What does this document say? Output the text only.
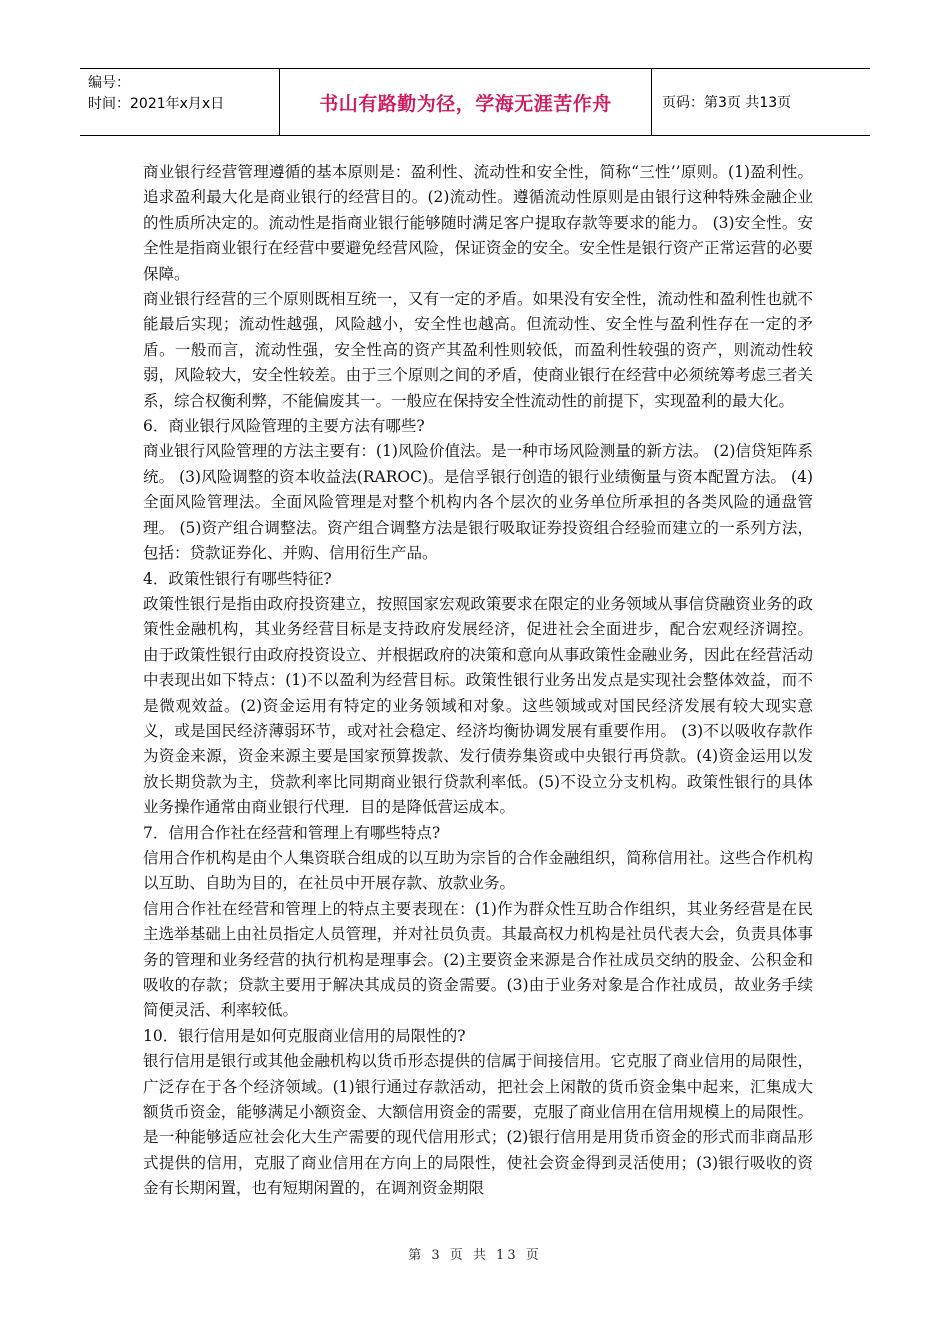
编号：
时间：2021年x月x日	书山有路勤为径，学海无涯苦作舟	页码：第3页 共13页

商业银行经营管理遵循的基本原则是：盈利性、流动性和安全性，简称“三性’’原则。(1)盈利性。追求盈利最大化是商业银行的经营目的。(2)流动性。遵循流动性原则是由银行这种特殊金融企业的性质所决定的。流动性是指商业银行能够随时满足客户提取存款等要求的能力。 (3)安全性。安全性是指商业银行在经营中要避免经营风险，保证资金的安全。安全性是银行资产正常运营的必要保障。

商业银行经营的三个原则既相互统一，又有一定的矛盾。如果没有安全性，流动性和盈利性也就不能最后实现；流动性越强，风险越小，安全性也越高。但流动性、安全性与盈利性存在一定的矛盾。一般而言，流动性强，安全性高的资产其盈利性则较低，而盈利性较强的资产，则流动性较弱，风险较大，安全性较差。由于三个原则之间的矛盾，使商业银行在经营中必须统筹考虑三者关系，综合权衡利弊，不能偏废其一。一般应在保持安全性流动性的前提下，实现盈利的最大化。

6．商业银行风险管理的主要方法有哪些?

商业银行风险管理的方法主要有：(1)风险价值法。是一种市场风险测量的新方法。 (2)信贷矩阵系统。 (3)风险调整的资本收益法(RAROC)。是信孚银行创造的银行业绩衡量与资本配置方法。 (4)全面风险管理法。全面风险管理是对整个机构内各个层次的业务单位所承担的各类风险的通盘管理。 (5)资产组合调整法。资产组合调整方法是银行吸取证券投资组合经验而建立的一系列方法，包括：贷款证券化、并购、信用衍生产品。

4．政策性银行有哪些特征?

政策性银行是指由政府投资建立，按照国家宏观政策要求在限定的业务领域从事信贷融资业务的政策性金融机构，其业务经营目标是支持政府发展经济，促进社会全面进步，配合宏观经济调控。 由于政策性银行由政府投资设立、并根据政府的决策和意向从事政策性金融业务，因此在经营活动中表现出如下特点：(1)不以盈利为经营目标。政策性银行业务出发点是实现社会整体效益，而不是微观效益。(2)资金运用有特定的业务领域和对象。这些领域或对国民经济发展有较大现实意义，或是国民经济薄弱环节，或对社会稳定、经济均衡协调发展有重要作用。 (3)不以吸收存款作为资金来源，资金来源主要是国家预算拨款、发行债券集资或中央银行再贷款。(4)资金运用以发放长期贷款为主，贷款利率比同期商业银行贷款利率低。(5)不设立分支机构。政策性银行的具体业务操作通常由商业银行代理．目的是降低营运成本。

7．信用合作社在经营和管理上有哪些特点?

信用合作机构是由个人集资联合组成的以互助为宗旨的合作金融组织，简称信用社。这些合作机构以互助、自助为目的，在社员中开展存款、放款业务。

信用合作社在经营和管理上的特点主要表现在：(1)作为群众性互助合作组织，其业务经营是在民主选举基础上由社员指定人员管理，并对社员负责。其最高权力机构是社员代表大会，负责具体事务的管理和业务经营的执行机构是理事会。(2)主要资金来源是合作社成员交纳的股金、公积金和吸收的存款；贷款主要用于解决其成员的资金需要。(3)由于业务对象是合作社成员，故业务手续简便灵活、利率较低。

10．银行信用是如何克服商业信用的局限性的?

银行信用是银行或其他金融机构以货币形态提供的信属于间接信用。它克服了商业信用的局限性，广泛存在于各个经济领域。(1)银行通过存款活动，把社会上闲散的货币资金集中起来，汇集成大额货币资金，能够满足小额资金、大额信用资金的需要，克服了商业信用在信用规模上的局限性。是一种能够适应社会化大生产需要的现代信用形式；(2)银行信用是用货币资金的形式而非商品形式提供的信用，克服了商业信用在方向上的局限性，使社会资金得到灵活使用；(3)银行吸收的资金有长期闲置，也有短期闲置的，在调剂资金期限

第 3 页 共 13 页
